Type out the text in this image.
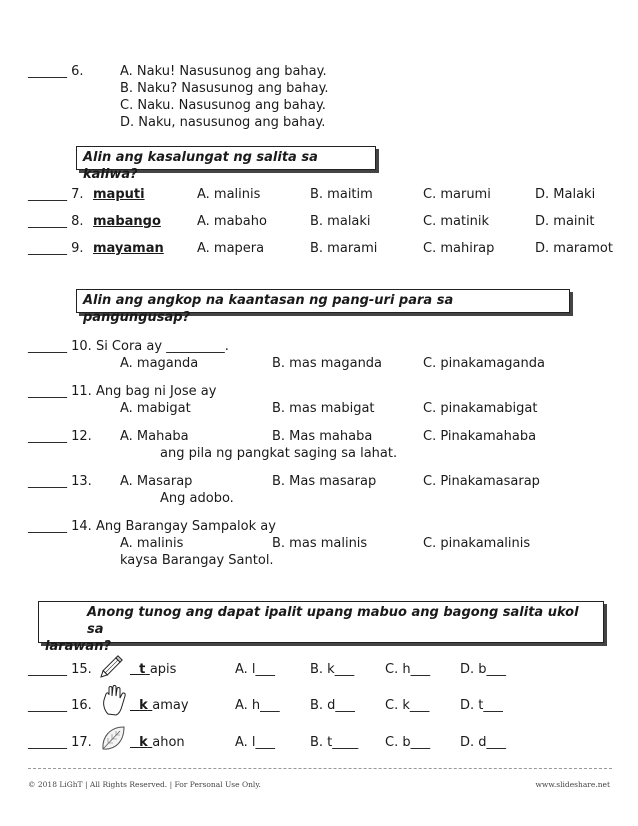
______ 6.	A. Naku! Nasusunog ang bahay.
B. Naku? Nasusunog ang bahay.
C. Naku. Nasusunog ang bahay.
D. Naku, nasusunog ang bahay.
Alin ang kasalungat ng salita sa kaliwa?
______ 7. maputi	A. malinis	B. maitim	C. marumi	D. Malaki
______ 8. mabango	A. mabaho	B. malaki	C. matinik	D. mainit
______ 9. mayaman	A. mapera	B. marami	C. mahirap	D. maramot
Alin ang angkop na kaantasan ng pang-uri para sa pangungusap?
______ 10. Si Cora ay _________.
A. maganda	B. mas maganda	C. pinakamaganda
______ 11. Ang bag ni Jose ay
A. mabigat	B. mas mabigat	C. pinakamabigat
______ 12. A. Mahaba	B. Mas mahaba	C. Pinakamahaba
ang pila ng pangkat saging sa lahat.
______ 13. A. Masarap	B. Mas masarap	C. Pinakamasarap
Ang adobo.
______ 14. Ang Barangay Sampalok ay
A. malinis	B. mas malinis	C. pinakamalinis
kaysa Barangay Santol.
Anong tunog ang dapat ipalit upang mabuo ang bagong salita ukol sa
larawan?
______ 15.	t apis	A. l___	B. k___ C. h___ D. b___
______ 16.	k amay	A. h___ B. d___ C. k___ D. t___
______ 17.	k ahon	A. l___	B. t____ C. b___ D. d___
© 2018 LiGhT | All Rights Reserved. | For Personal Use Only.	www.slideshare.net
